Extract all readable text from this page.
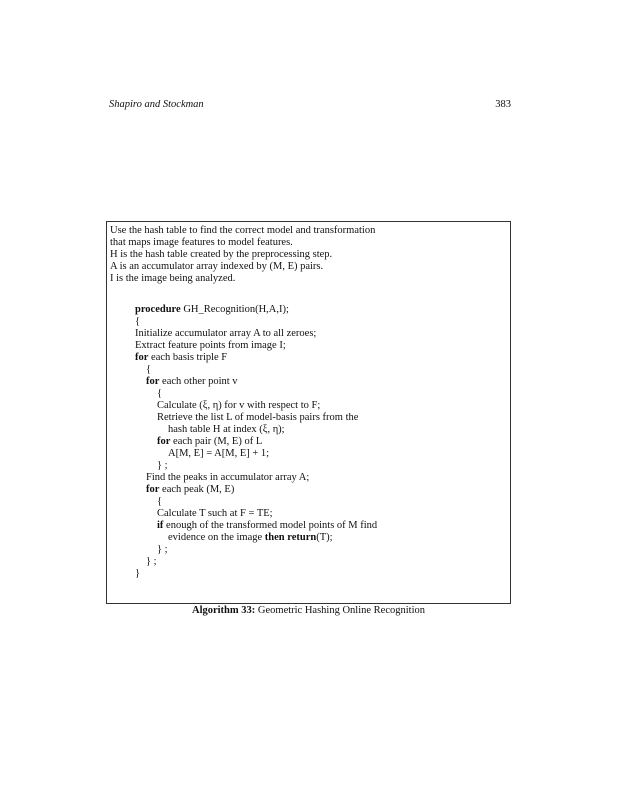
Shapiro and Stockman	383
Use the hash table to find the correct model and transformation
that maps image features to model features.
H is the hash table created by the preprocessing step.
A is an accumulator array indexed by (M, E) pairs.
I is the image being analyzed.
procedure GH_Recognition(H,A,I);
{
Initialize accumulator array A to all zeroes;
Extract feature points from image I;
for each basis triple F
{
for each other point v
{
Calculate (ξ, η) for v with respect to F;
Retrieve the list L of model-basis pairs from the
hash table H at index (ξ, η);
for each pair (M, E) of L
A[M, E] = A[M, E] + 1;
} ;
Find the peaks in accumulator array A;
for each peak (M, E)
{
Calculate T such at F = TE;
if enough of the transformed model points of M find
evidence on the image then return(T);
} ;
} ;
}
Algorithm 33: Geometric Hashing Online Recognition
